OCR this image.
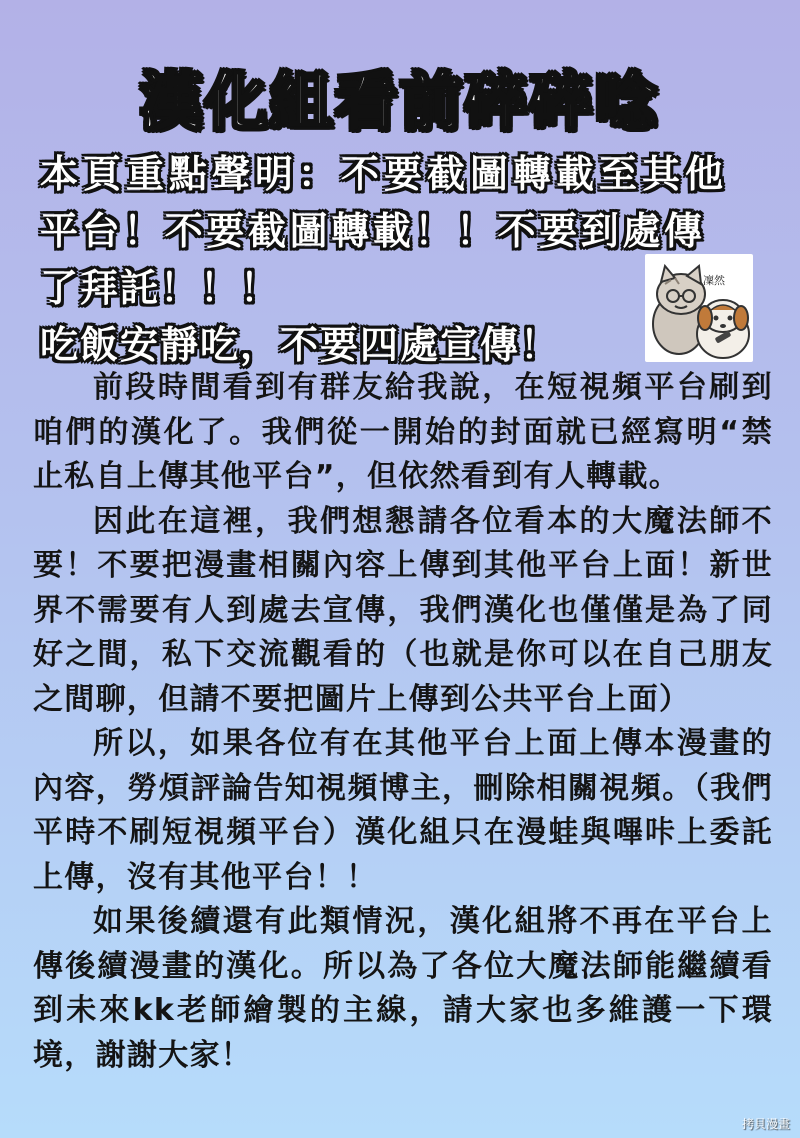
漢化組看前碎碎唸
本頁重點聲明：不要截圖轉載至其他
平台！不要截圖轉載！！不要到處傳
了拜託！！！
吃飯安靜吃，不要四處宣傳！
凜然

前段時間看到有群友給我說，在短視頻平台刷到咱們的漢化了。我們從一開始的封面就已經寫明“禁止私自上傳其他平台”，但依然看到有人轉載。

因此在這裡，我們想懇請各位看本的大魔法師不要！不要把漫畫相關內容上傳到其他平台上面！新世界不需要有人到處去宣傳，我們漢化也僅僅是為了同好之間，私下交流觀看的（也就是你可以在自己朋友之間聊，但請不要把圖片上傳到公共平台上面）

所以，如果各位有在其他平台上面上傳本漫畫的內容，勞煩評論告知視頻博主，刪除相關視頻。（我們平時不刷短視頻平台）漢化組只在漫蛙與嗶咔上委託上傳，沒有其他平台！！

如果後續還有此類情況，漢化組將不再在平台上傳後續漫畫的漢化。所以為了各位大魔法師能繼續看到未來kk老師繪製的主線，請大家也多維護一下環境，謝謝大家！

拷貝漫畫
